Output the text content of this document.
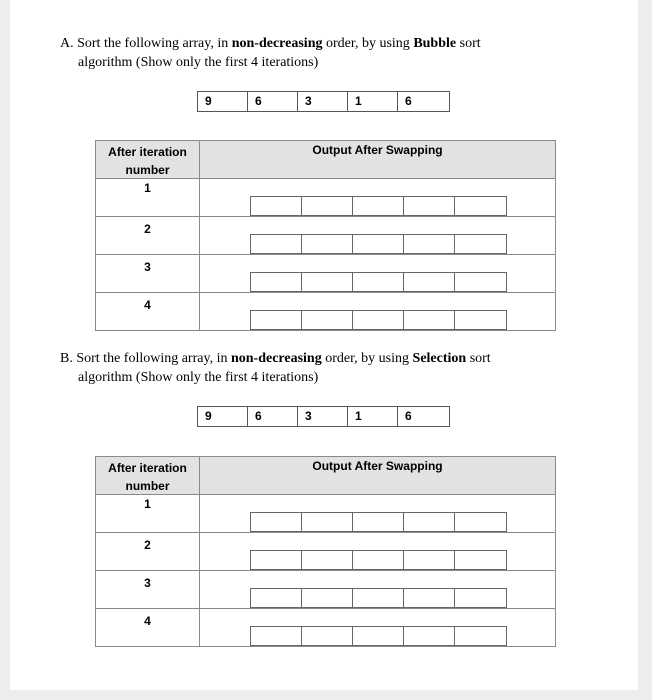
A. Sort the following array, in non-decreasing order, by using Bubble sort
algorithm (Show only the first 4 iterations)
9	6	3	1	6
After iteration
number
Output After Swapping
1
2
3
4
B. Sort the following array, in non-decreasing order, by using Selection sort
algorithm (Show only the first 4 iterations)
9	6	3	1	6
After iteration
number
Output After Swapping
1
2
3
4
